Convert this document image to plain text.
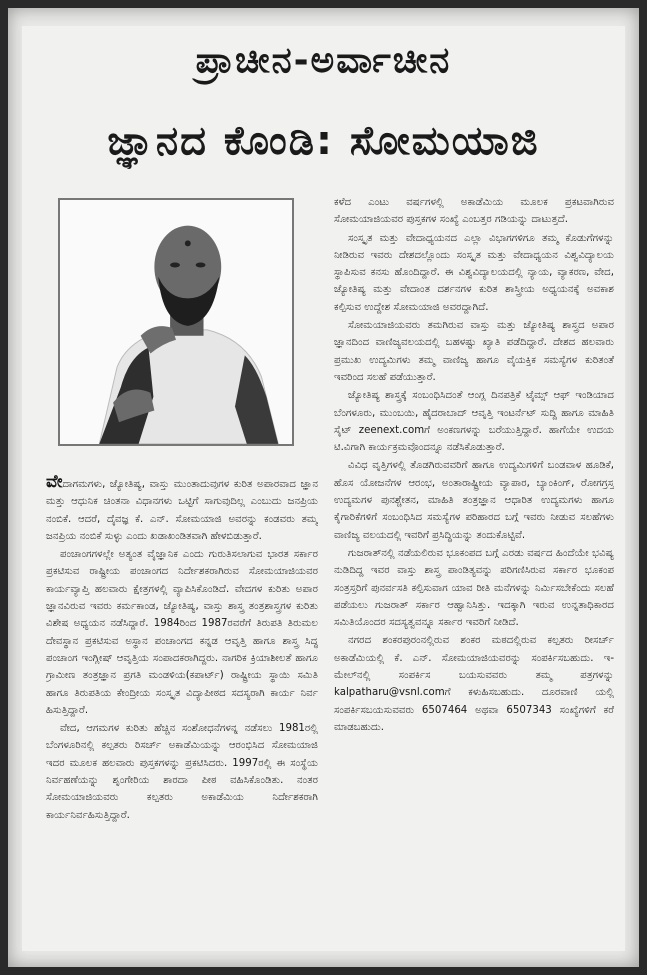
ಪ್ರಾಚೀನ-ಅರ್ವಾಚೀನ
ಜ್ಞಾನದ ಕೊಂಡಿ: ಸೋಮಯಾಜಿ

ವೇದಾಗಮಗಳು, ಜ್ಯೋತಿಷ್ಯ, ವಾಸ್ತು ಮುಂತಾದುವುಗಳ ಕುರಿತ ಅಪಾರವಾದ ಜ್ಞಾನ ಮತ್ತು ಆಧುನಿಕ ಚಿಂತನಾ ವಿಧಾನಗಳು ಒಟ್ಟಿಗೆ ಸಾಗುವುದಿಲ್ಲ ಎಂಬುದು ಜನಪ್ರಿಯ ನಂಬಿಕೆ. ಆದರೆ, ದೈವಜ್ಞ ಕೆ. ಎನ್. ಸೋಮಯಾಜಿ ಅವರನ್ನು ಕಂಡವರು ತಮ್ಮ ಜನಪ್ರಿಯ ನಂಬಿಕೆ ಸುಳ್ಳು ಎಂದು ಖಡಾಖಂಡಿತವಾಗಿ ಹೇಳಬಿಡುತ್ತಾರೆ.

ಪಂಚಾಂಗಗಳಲ್ಲೇ ಅತ್ಯಂತ ವೈಜ್ಞಾನಿಕ ಎಂದು ಗುರುತಿಸಲಾಗುವ ಭಾರತ ಸರ್ಕಾರ ಪ್ರಕಟಿಸುವ ರಾಷ್ಟ್ರೀಯ ಪಂಚಾಂಗದ ನಿರ್ದೇಶಕರಾಗಿರುವ ಸೋಮಯಾಜಿಯವರ ಕಾರ್ಯವ್ಯಾಪ್ತಿ ಹಲವಾರು ಕ್ಷೇತ್ರಗಳಲ್ಲಿ ವ್ಯಾಪಿಸಿಕೊಂಡಿದೆ. ವೇದಗಳ ಕುರಿತು ಅಪಾರ ಜ್ಞಾನವಿರುವ ಇವರು ಕರ್ಮಕಾಂಡ, ಜ್ಯೋತಿಷ್ಯ, ವಾಸ್ತು ಶಾಸ್ತ್ರ ತಂತ್ರಶಾಸ್ತ್ರಗಳ ಕುರಿತು ವಿಶೇಷ ಅಧ್ಯಯನ ನಡೆಸಿದ್ದಾರೆ. 1984ರಿಂದ 1987ರವರೆಗೆ ತಿರುಪತಿ ತಿರುಮಲ ದೇವಸ್ಥಾನ ಪ್ರಕಟಿಸುವ ಅಸ್ಥಾನ ಪಂಚಾಂಗದ ಕನ್ನಡ ಆವೃತ್ತಿ ಹಾಗೂ ಶಾಸ್ತ್ರ ಸಿದ್ಧ ಪಂಚಾಂಗ ಇಂಗ್ಲೀಷ್ ಆವೃತ್ತಿಯ ಸಂಪಾದಕರಾಗಿದ್ದರು. ನಾಗರಿಕ ಕ್ರಿಯಾಶೀಲತೆ ಹಾಗೂ ಗ್ರಾಮೀಣ ತಂತ್ರಜ್ಞಾನ ಪ್ರಗತಿ ಮಂಡಳಿಯ(ಕಪಾರ್ಟ್) ರಾಷ್ಟ್ರೀಯ ಸ್ಥಾಯಿ ಸಮಿತಿ ಹಾಗೂ ತಿರುಪತಿಯ ಕೇಂದ್ರೀಯ ಸಂಸ್ಕೃತ ವಿದ್ಯಾಪೀಠದ ಸದಸ್ಯರಾಗಿ ಕಾರ್ಯ ನಿರ್ವ ಹಿಸುತ್ತಿದ್ದಾರೆ.

ವೇದ, ಆಗಮಗಳ ಕುರಿತು ಹೆಚ್ಚಿನ ಸಂಶೋಧನೆಗಳನ್ನ ನಡೆಸಲು 1981ರಲ್ಲಿ ಬೆಂಗಳೂರಿನಲ್ಲಿ ಕಲ್ಪತರು ರಿಸರ್ಚ್ ಅಕಾಡೆಮಿಯನ್ನು ಆರಂಭಿಸಿದ ಸೋಮಯಾಜಿ ಇದರ ಮೂಲಕ ಹಲವಾರು ಪುಸ್ತಕಗಳನ್ನು ಪ್ರಕಟಿಸಿದರು. 1997ರಲ್ಲಿ ಈ ಸಂಸ್ಥೆಯ ನಿರ್ವಹಣೆಯನ್ನು ಶೃಂಗೇರಿಯ ಶಾರದಾ ಪೀಠ ವಹಿಸಿಕೊಂಡಿತು. ನಂತರ ಸೋಮಯಾಜಿಯವರು ಕಲ್ಪತರು ಅಕಾಡೆಮಿಯ ನಿರ್ದೇಶಕರಾಗಿ ಕಾರ್ಯನಿರ್ವಹಿಸುತ್ತಿದ್ದಾರೆ.

ಕಳೆದ ಎಂಟು ವರ್ಷಗಳಲ್ಲಿ ಅಕಾಡೆಮಿಯ ಮೂಲಕ ಪ್ರಕಟವಾಗಿರುವ ಸೋಮಯಾಜಿಯವರ ಪುಸ್ತಕಗಳ ಸಂಖ್ಯೆ ಎಂಬತ್ತರ ಗಡಿಯನ್ನು ದಾಟುತ್ತದೆ.

ಸಂಸ್ಕೃತ ಮತ್ತು ವೇದಾಧ್ಯಯನದ ಎಲ್ಲಾ ವಿಭಾಗಗಳಿಗೂ ತಮ್ಮ ಕೊಡುಗೆಗಳನ್ನು ನೀಡಿರುವ ಇವರು ದೇಶದಲ್ಲೊಂದು ಸಂಸ್ಕೃತ ಮತ್ತು ವೇದಾಧ್ಯಯನ ವಿಶ್ವವಿದ್ಯಾಲಯ ಸ್ಥಾಪಿಸುವ ಕನಸು ಹೊಂದಿದ್ದಾರೆ. ಈ ವಿಶ್ವವಿದ್ಯಾಲಯದಲ್ಲಿ ನ್ಯಾಯ, ವ್ಯಾಕರಣ, ವೇದ, ಜ್ಯೋತಿಷ್ಯ ಮತ್ತು ವೇದಾಂತ ದರ್ಶನಗಳ ಕುರಿತ ಶಾಸ್ತ್ರೀಯ ಅಧ್ಯಯನಕ್ಕೆ ಅವಕಾಶ ಕಲ್ಪಿಸುವ ಉದ್ದೇಶ ಸೋಮಯಾಜಿ ಅವರದ್ದಾಗಿದೆ.

ಸೋಮಯಾಜಿಯವರು ತಮಗಿರುವ ವಾಸ್ತು ಮತ್ತು ಜ್ಯೋತಿಷ್ಯ ಶಾಸ್ತ್ರದ ಅಪಾರ ಜ್ಞಾನದಿಂದ ವಾಣಿಜ್ಯವಲಯದಲ್ಲಿ ಬಹಳಷ್ಟು ಖ್ಯಾತಿ ಪಡೆದಿದ್ದಾರೆ. ದೇಶದ ಹಲವಾರು ಪ್ರಮುಖ ಉದ್ಯಮಿಗಳು ತಮ್ಮ ವಾಣಿಜ್ಯ ಹಾಗೂ ವೈಯಕ್ತಿಕ ಸಮಸ್ಯೆಗಳ ಕುರಿತಂತೆ ಇವರಿಂದ ಸಲಹೆ ಪಡೆಯುತ್ತಾರೆ.

ಜ್ಯೋತಿಷ್ಯ ಶಾಸ್ತ್ರಕ್ಕೆ ಸಂಬಂಧಿಸಿದಂತೆ ಆಂಗ್ಲ ದಿನಪತ್ರಿಕೆ ಟೈಮ್ಸ್ ಆಫ್ ಇಂಡಿಯಾದ ಬೆಂಗಳೂರು, ಮುಂಬಯಿ, ಹೈದರಾಬಾದ್ ಆವೃತ್ತಿ ಇಂಟರ್ನೆಟ್ ಸುದ್ದಿ ಹಾಗೂ ಮಾಹಿತಿ ಸೈಟ್ zeenext.comಗೆ ಅಂಕಣಗಳನ್ನು ಬರೆಯುತ್ತಿದ್ದಾರೆ. ಹಾಗೆಯೇ ಉದಯ ಟಿ.ವಿಗಾಗಿ ಕಾರ್ಯಕ್ರಮವೊಂದನ್ನೂ ನಡೆಸಿಕೊಡುತ್ತಾರೆ.

ವಿವಿಧ ವೃತ್ತಿಗಳಲ್ಲಿ ತೊಡಗಿರುವವರಿಗೆ ಹಾಗೂ ಉದ್ಯಮಿಗಳಿಗೆ ಬಂಡವಾಳ ಹೂಡಿಕೆ, ಹೊಸ ಯೋಜನೆಗಳ ಆರಂಭ, ಅಂತಾರಾಷ್ಟ್ರೀಯ ವ್ಯಾಪಾರ, ಬ್ಯಾಂಕಿಂಗ್, ರೋಗಗ್ರಸ್ತ ಉದ್ಯಮಗಳ ಪುನಶ್ಚೇತನ, ಮಾಹಿತಿ ತಂತ್ರಜ್ಞಾನ ಆಧಾರಿತ ಉದ್ಯಮಗಳು ಹಾಗೂ ಕೈಗಾರಿಕೆಗಳಿಗೆ ಸಂಬಂಧಿಸಿದ ಸಮಸ್ಯೆಗಳ ಪರಿಹಾರದ ಬಗ್ಗೆ ಇವರು ನೀಡುವ ಸಲಹೆಗಳು ವಾಣಿಜ್ಯ ವಲಯದಲ್ಲಿ ಇವರಿಗೆ ಪ್ರಸಿದ್ಧಿಯನ್ನು ತಂದುಕೊಟ್ಟಿವೆ.

ಗುಜರಾತ್‌ನಲ್ಲಿ ನಡೆಯಲಿರುವ ಭೂಕಂಪದ ಬಗ್ಗೆ ಎರಡು ವರ್ಷದ ಹಿಂದೆಯೇ ಭವಿಷ್ಯ ನುಡಿದಿದ್ದ ಇವರ ವಾಸ್ತು ಶಾಸ್ತ್ರ ಪಾಂಡಿತ್ಯವನ್ನು ಪರಿಗಣಿಸಿರುವ ಸರ್ಕಾರ ಭೂಕಂಪ ಸಂತ್ರಸ್ತರಿಗೆ ಪುನರ್ವಸತಿ ಕಲ್ಪಿಸುವಾಗ ಯಾವ ರೀತಿ ಮನೆಗಳನ್ನು ನಿರ್ಮಿಸಬೇಕೆಂದು ಸಲಹೆ ಪಡೆಯಲು ಗುಜರಾತ್ ಸರ್ಕಾರ ಆಹ್ವಾನಿಸಿತ್ತು. ಇದಕ್ಕಾಗಿ ಇರುವ ಉನ್ನತಾಧಿಕಾರದ ಸಮಿತಿಯೊಂದರ ಸದಸ್ಯತ್ವವನ್ನೂ ಸರ್ಕಾರ ಇವರಿಗೆ ನೀಡಿದೆ.

ನಗರದ ಶಂಕರಪುರಂನಲ್ಲಿರುವ ಶಂಕರ ಮಠದಲ್ಲಿರುವ ಕಲ್ಪತರು ರೀಸರ್ಚ್ ಅಕಾಡೆಮಿಯಲ್ಲಿ ಕೆ. ಎನ್. ಸೋಮಯಾಜಿಯವರನ್ನು ಸಂಪರ್ಕಿಸಬಹುದು. ಇ-ಮೇಲ್‌ನಲ್ಲಿ ಸಂಪರ್ಕಿಸ ಬಯಸುವವರು ತಮ್ಮ ಪತ್ರಗಳನ್ನು kalpatharu@vsnl.comಗೆ ಕಳುಹಿಸಬಹುದು. ದೂರವಾಣಿ ಯಲ್ಲಿ ಸಂಪರ್ಕಿಸಬಯಸುವವರು 6507464 ಅಥವಾ 6507343 ಸಂಖ್ಯೆಗಳಿಗೆ ಕರೆ ಮಾಡಬಹುದು.
